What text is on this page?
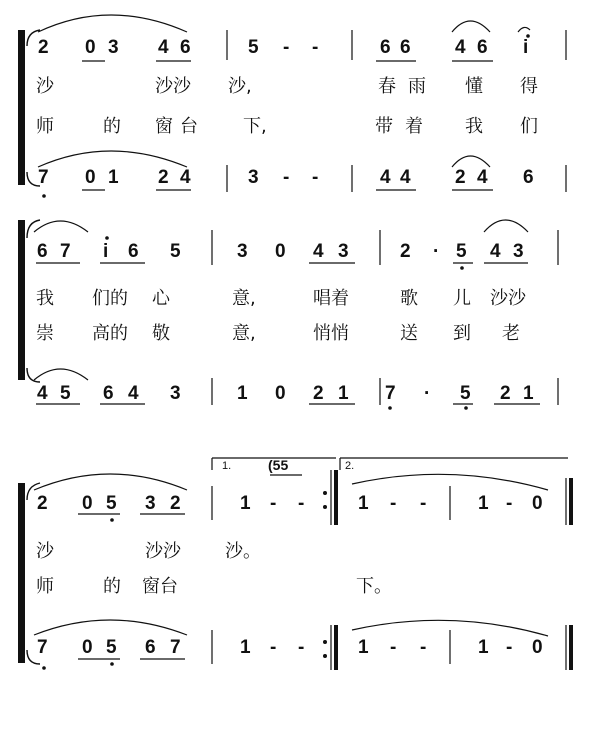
2 0 3 4 6	5 - -	6 6 4 6 i
沙	沙沙 沙,	春 雨 懂 得
师	的 窗 台	下,	带 着 我 们
7 0 1 2 4	3 - -	4 4 2 4 6
6 7 i 6 5	3 0 4 3	2 · 5 4 3
我 们的 心	意,	唱着	歌 儿 沙沙
崇 高的 敬	意,	悄悄	送 到 老
4 5 6 4 3	1 0 2 1 7 · 5 2 1
1.	2.
(55
2 0 5 3 2	1 - -	1 - -	1 - 0
沙	沙沙 沙。
师	的 窗台	下。
7 0 5 6 7	1 - -	1 - -	1 - 0
